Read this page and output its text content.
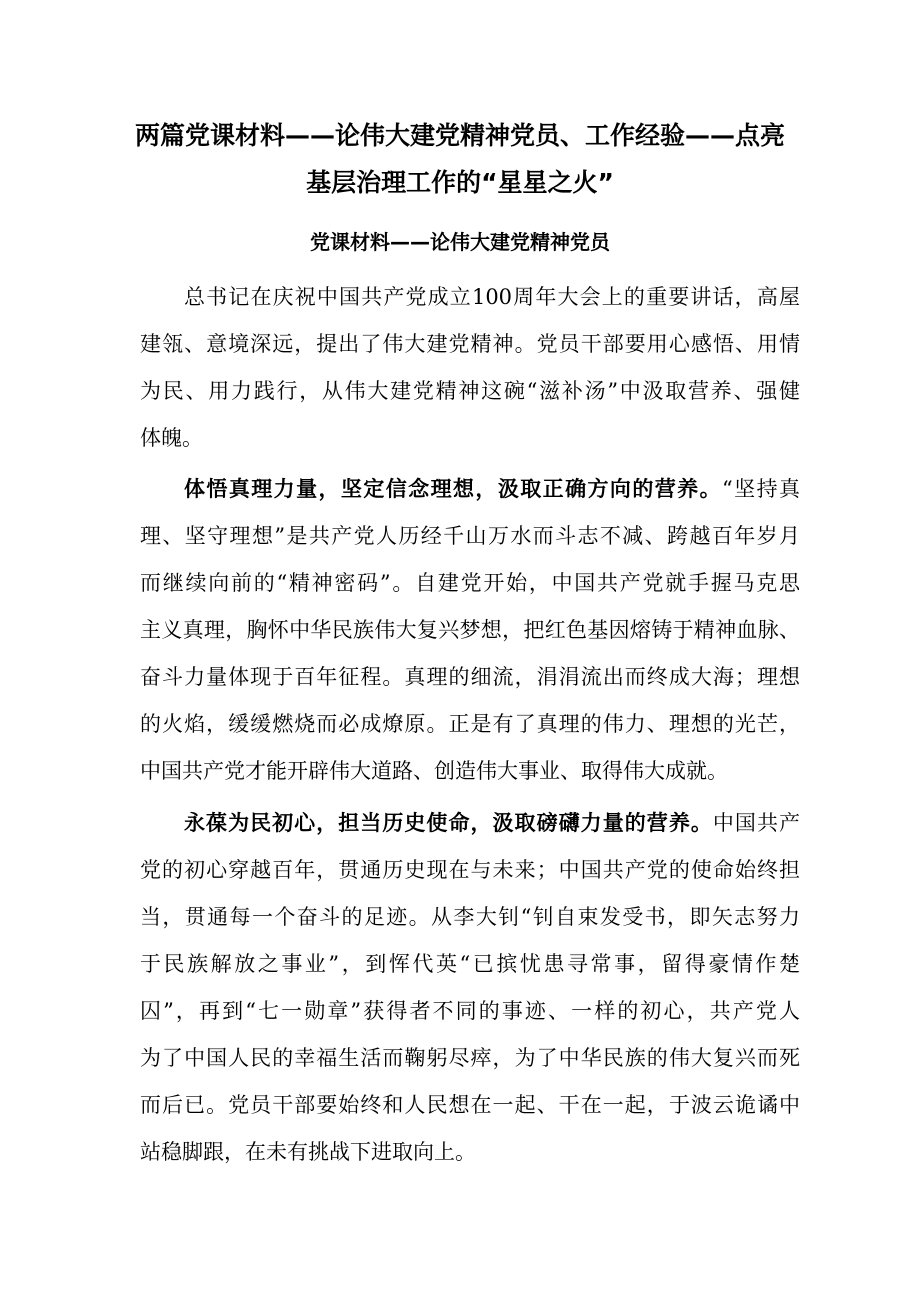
两篇党课材料——论伟大建党精神党员、工作经验——点亮
基层治理工作的“星星之火”
党课材料——论伟大建党精神党员
总书记在庆祝中国共产党成立100周年大会上的重要讲话，高屋
建瓴、意境深远，提出了伟大建党精神。党员干部要用心感悟、用情
为民、用力践行，从伟大建党精神这碗“滋补汤”中汲取营养、强健
体魄。
体悟真理力量，坚定信念理想，汲取正确方向的营养。“坚持真
理、坚守理想”是共产党人历经千山万水而斗志不减、跨越百年岁月
而继续向前的“精神密码”。自建党开始，中国共产党就手握马克思
主义真理，胸怀中华民族伟大复兴梦想，把红色基因熔铸于精神血脉、
奋斗力量体现于百年征程。真理的细流，涓涓流出而终成大海；理想
的火焰，缓缓燃烧而必成燎原。正是有了真理的伟力、理想的光芒，
中国共产党才能开辟伟大道路、创造伟大事业、取得伟大成就。
永葆为民初心，担当历史使命，汲取磅礴力量的营养。中国共产
党的初心穿越百年，贯通历史现在与未来；中国共产党的使命始终担
当，贯通每一个奋斗的足迹。从李大钊“钊自束发受书，即矢志努力
于民族解放之事业”，到恽代英“已摈忧患寻常事，留得豪情作楚
囚”，再到“七一勋章”获得者不同的事迹、一样的初心，共产党人
为了中国人民的幸福生活而鞠躬尽瘁，为了中华民族的伟大复兴而死
而后已。党员干部要始终和人民想在一起、干在一起，于波云诡谲中
站稳脚跟，在未有挑战下进取向上。
